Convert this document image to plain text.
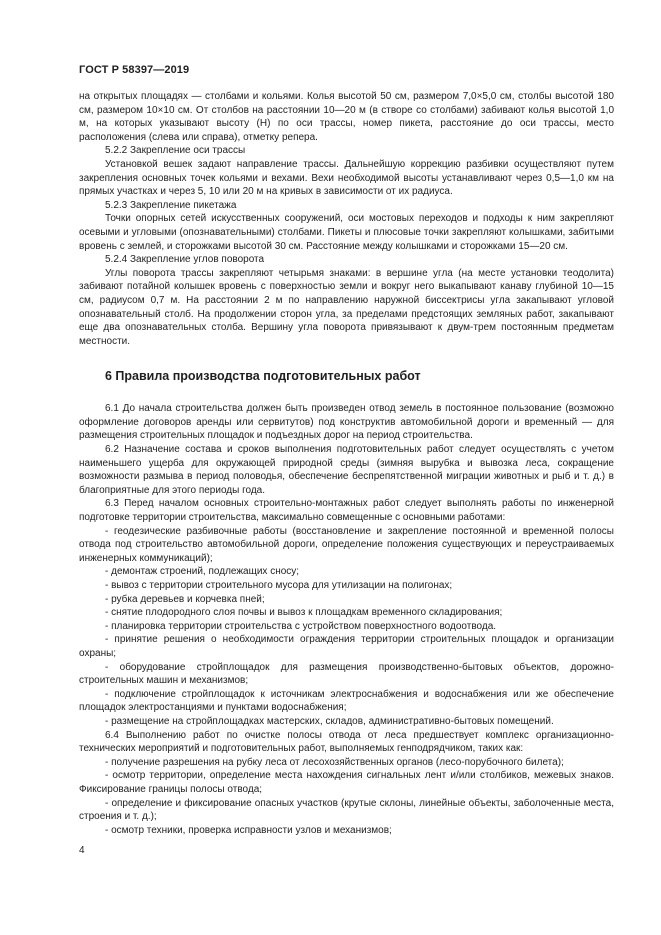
ГОСТ Р 58397—2019

на открытых площадях — столбами и кольями. Колья высотой 50 см, размером 7,0×5,0 см, столбы высотой 180 см, размером 10×10 см. От столбов на расстоянии 10—20 м (в створе со столбами) забивают колья высотой 1,0 м, на которых указывают высоту (Н) по оси трассы, номер пикета, расстояние до оси трассы, место расположения (слева или справа), отметку репера.

5.2.2 Закрепление оси трассы

Установкой вешек задают направление трассы. Дальнейшую коррекцию разбивки осуществляют путем закрепления основных точек кольями и вехами. Вехи необходимой высоты устанавливают через 0,5—1,0 км на прямых участках и через 5, 10 или 20 м на кривых в зависимости от их радиуса.

5.2.3 Закрепление пикетажа

Точки опорных сетей искусственных сооружений, оси мостовых переходов и подходы к ним закрепляют осевыми и угловыми (опознавательными) столбами. Пикеты и плюсовые точки закрепляют колышками, забитыми вровень с землей, и сторожками высотой 30 см. Расстояние между колышками и сторожками 15—20 см.

5.2.4 Закрепление углов поворота

Углы поворота трассы закрепляют четырьмя знаками: в вершине угла (на месте установки теодолита) забивают потайной колышек вровень с поверхностью земли и вокруг него выкапывают канаву глубиной 10—15 см, радиусом 0,7 м. На расстоянии 2 м по направлению наружной биссектрисы угла закапывают угловой опознавательный столб. На продолжении сторон угла, за пределами предстоящих земляных работ, закапывают еще два опознавательных столба. Вершину угла поворота привязывают к двум-трем постоянным предметам местности.

6 Правила производства подготовительных работ

6.1 До начала строительства должен быть произведен отвод земель в постоянное пользование (возможно оформление договоров аренды или сервитутов) под конструктив автомобильной дороги и временный — для размещения строительных площадок и подъездных дорог на период строительства.

6.2 Назначение состава и сроков выполнения подготовительных работ следует осуществлять с учетом наименьшего ущерба для окружающей природной среды (зимняя вырубка и вывозка леса, сокращение возможности размыва в период половодья, обеспечение беспрепятственной миграции животных и рыб и т. д.) в благоприятные для этого периоды года.

6.3 Перед началом основных строительно-монтажных работ следует выполнять работы по инженерной подготовке территории строительства, максимально совмещенные с основными работами:

- геодезические разбивочные работы (восстановление и закрепление постоянной и временной полосы отвода под строительство автомобильной дороги, определение положения существующих и переустраиваемых инженерных коммуникаций);

- демонтаж строений, подлежащих сносу;

- вывоз с территории строительного мусора для утилизации на полигонах;

- рубка деревьев и корчевка пней;

- снятие плодородного слоя почвы и вывоз к площадкам временного складирования;

- планировка территории строительства с устройством поверхностного водоотвода.

- принятие решения о необходимости ограждения территории строительных площадок и организации охраны;

- оборудование стройплощадок для размещения производственно-бытовых объектов, дорожно-строительных машин и механизмов;

- подключение стройплощадок к источникам электроснабжения и водоснабжения или же обеспечение площадок электростанциями и пунктами водоснабжения;

- размещение на стройплощадках мастерских, складов, административно-бытовых помещений.

6.4 Выполнению работ по очистке полосы отвода от леса предшествует комплекс организационно-технических мероприятий и подготовительных работ, выполняемых генподрядчиком, таких как:

- получение разрешения на рубку леса от лесохозяйственных органов (лесо-порубочного билета);

- осмотр территории, определение места нахождения сигнальных лент и/или столбиков, межевых знаков. Фиксирование границы полосы отвода;

- определение и фиксирование опасных участков (крутые склоны, линейные объекты, заболоченные места, строения и т. д.);

- осмотр техники, проверка исправности узлов и механизмов;

4
